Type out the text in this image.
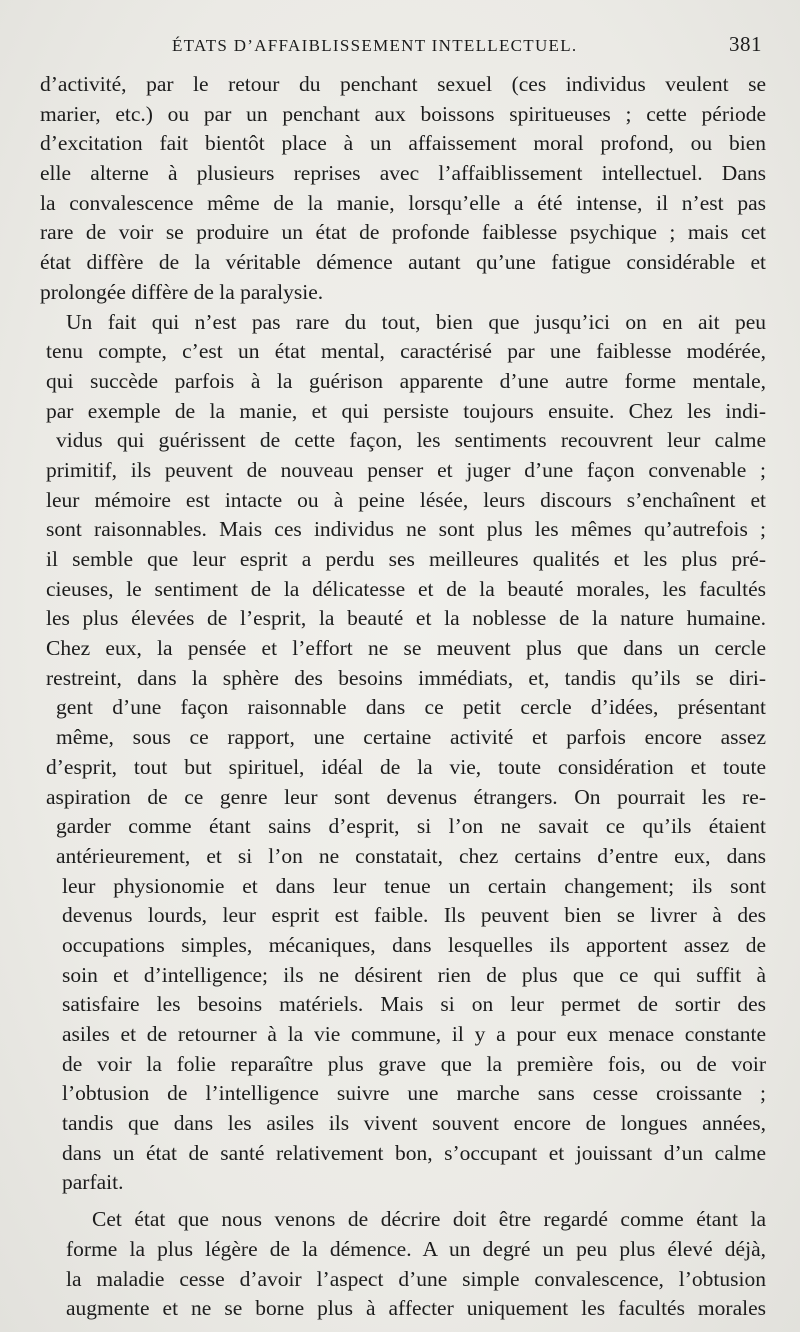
ÉTATS D’AFFAIBLISSEMENT INTELLECTUEL.	381
d’activité, par le retour du penchant sexuel (ces individus veulent se
marier, etc.) ou par un penchant aux boissons spiritueuses ; cette période
d’excitation fait bientôt place à un affaissement moral profond, ou bien
elle alterne à plusieurs reprises avec l’affaiblissement intellectuel. Dans
la convalescence même de la manie, lorsqu’elle a été intense, il n’est pas
rare de voir se produire un état de profonde faiblesse psychique ; mais cet
état diffère de la véritable démence autant qu’une fatigue considérable et
prolongée diffère de la paralysie.
Un fait qui n’est pas rare du tout, bien que jusqu’ici on en ait peu
tenu compte, c’est un état mental, caractérisé par une faiblesse modérée,
qui succède parfois à la guérison apparente d’une autre forme mentale,
par exemple de la manie, et qui persiste toujours ensuite. Chez les indi-
vidus qui guérissent de cette façon, les sentiments recouvrent leur calme
primitif, ils peuvent de nouveau penser et juger d’une façon convenable ;
leur mémoire est intacte ou à peine lésée, leurs discours s’enchaînent et
sont raisonnables. Mais ces individus ne sont plus les mêmes qu’autrefois ;
il semble que leur esprit a perdu ses meilleures qualités et les plus pré-
cieuses, le sentiment de la délicatesse et de la beauté morales, les facultés
les plus élevées de l’esprit, la beauté et la noblesse de la nature humaine.
Chez eux, la pensée et l’effort ne se meuvent plus que dans un cercle
restreint, dans la sphère des besoins immédiats, et, tandis qu’ils se diri-
gent d’une façon raisonnable dans ce petit cercle d’idées, présentant
même, sous ce rapport, une certaine activité et parfois encore assez
d’esprit, tout but spirituel, idéal de la vie, toute considération et toute
aspiration de ce genre leur sont devenus étrangers. On pourrait les re-
garder comme étant sains d’esprit, si l’on ne savait ce qu’ils étaient
antérieurement, et si l’on ne constatait, chez certains d’entre eux, dans
leur physionomie et dans leur tenue un certain changement; ils sont
devenus lourds, leur esprit est faible. Ils peuvent bien se livrer à des
occupations simples, mécaniques, dans lesquelles ils apportent assez de
soin et d’intelligence; ils ne désirent rien de plus que ce qui suffit à
satisfaire les besoins matériels. Mais si on leur permet de sortir des
asiles et de retourner à la vie commune, il y a pour eux menace constante
de voir la folie reparaître plus grave que la première fois, ou de voir
l’obtusion de l’intelligence suivre une marche sans cesse croissante ;
tandis que dans les asiles ils vivent souvent encore de longues années,
dans un état de santé relativement bon, s’occupant et jouissant d’un calme
parfait.
Cet état que nous venons de décrire doit être regardé comme étant la
forme la plus légère de la démence. A un degré un peu plus élevé déjà,
la maladie cesse d’avoir l’aspect d’une simple convalescence, l’obtusion
augmente et ne se borne plus à affecter uniquement les facultés morales
